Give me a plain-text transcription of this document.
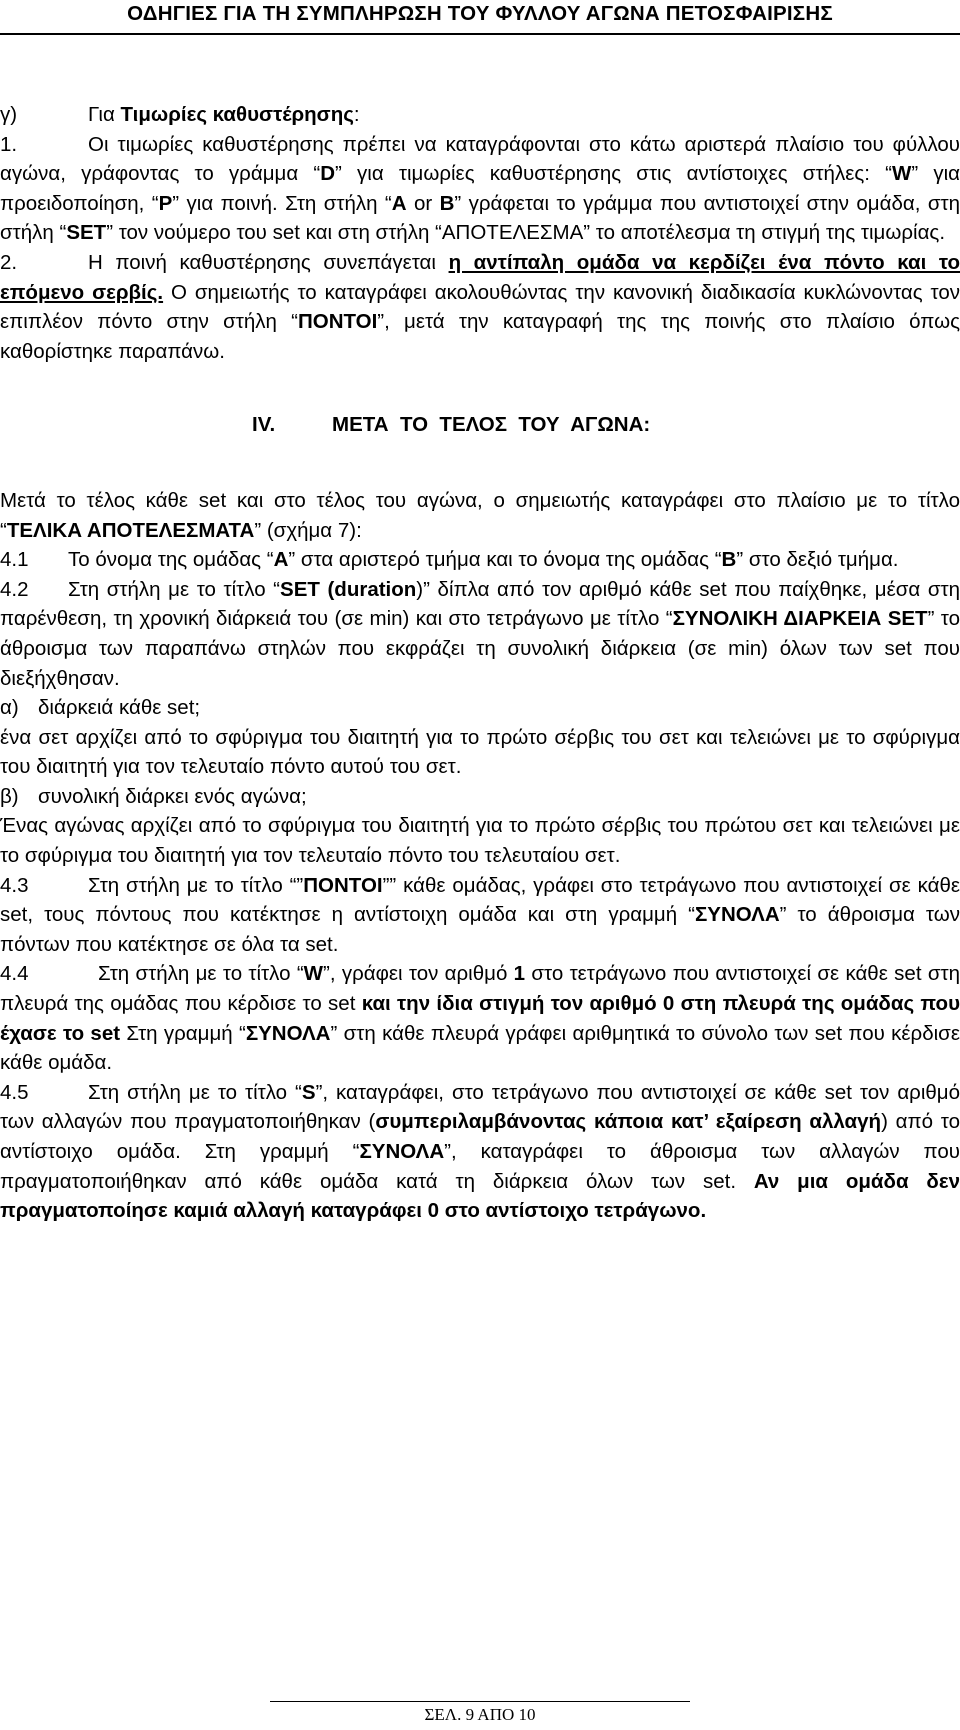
ΟΔΗΓΙΕΣ ΓΙΑ ΤΗ ΣΥΜΠΛΗΡΩΣΗ ΤΟΥ ΦΥΛΛΟΥ ΑΓΩΝΑ ΠΕΤΟΣΦΑΙΡΙΣΗΣ

γ)	Για Τιμωρίες καθυστέρησης:

1.	Οι τιμωρίες καθυστέρησης πρέπει να καταγράφονται στο κάτω αριστερά πλαίσιο του φύλλου αγώνα, γράφοντας το γράμμα “D” για τιμωρίες καθυστέρησης στις αντίστοιχες στήλες: “W” για προειδοποίηση, “P” για ποινή. Στη στήλη “A or B” γράφεται το γράμμα που αντιστοιχεί στην ομάδα, στη στήλη “SET” τον νούμερο του set και στη στήλη “ΑΠΟΤΕΛΕΣΜΑ” το αποτέλεσμα τη στιγμή της τιμωρίας.

2.	Η ποινή καθυστέρησης συνεπάγεται η αντίπαλη ομάδα να κερδίζει ένα πόντο και το επόμενο σερβίς. Ο σημειωτής το καταγράφει ακολουθώντας την κανονική διαδικασία κυκλώνοντας τον επιπλέον πόντο στην στήλη “ΠΟΝΤΟΙ”, μετά την καταγραφή της της ποινής στο πλαίσιο όπως καθορίστηκε παραπάνω.

IV.	ΜΕΤΑ  ΤΟ  ΤΕΛΟΣ  ΤΟΥ  ΑΓΩΝΑ:

Μετά το τέλος κάθε set και στο τέλος του αγώνα, ο σημειωτής καταγράφει στο πλαίσιο με το τίτλο “ΤΕΛΙΚΑ ΑΠΟΤΕΛΕΣΜΑΤΑ” (σχήμα 7):

4.1 Το όνομα της ομάδας “A” στα αριστερό τμήμα και το όνομα της ομάδας “B” στο δεξιό τμήμα.

4.2 Στη στήλη με το τίτλο “SET (duration)” δίπλα από τον αριθμό κάθε set που παίχθηκε, μέσα στη παρένθεση, τη χρονική διάρκειά του (σε min) και στο τετράγωνο με τίτλο “ΣΥΝΟΛΙΚΗ ΔΙΑΡΚΕΙΑ SET” το άθροισμα των παραπάνω στηλών που εκφράζει τη συνολική διάρκεια (σε min) όλων των set που διεξήχθησαν.

α) διάρκειά κάθε set;

ένα σετ αρχίζει από το σφύριγμα του διαιτητή για το πρώτο σέρβις του σετ και τελειώνει με το σφύριγμα του διαιτητή για τον τελευταίο πόντο αυτού του σετ.

β) συνολική διάρκει ενός αγώνα;

Ένας αγώνας αρχίζει από το σφύριγμα του διαιτητή για το πρώτο σέρβις του πρώτου σετ και τελειώνει με το σφύριγμα του διαιτητή για τον τελευταίο πόντο του τελευταίου σετ.

4.3	Στη στήλη με το τίτλο “”ΠΟΝΤΟΙ”” κάθε ομάδας, γράφει στο τετράγωνο που αντιστοιχεί σε κάθε set, τους πόντους που κατέκτησε η αντίστοιχη ομάδα και στη γραμμή “ΣΥΝΟΛΑ” το άθροισμα των πόντων που κατέκτησε σε όλα τα set.

4.4	Στη στήλη με το τίτλο “W”, γράφει τον αριθμό 1 στο τετράγωνο που αντιστοιχεί σε κάθε set στη πλευρά της ομάδας που κέρδισε το set και την ίδια στιγμή τον αριθμό 0 στη πλευρά της ομάδας που έχασε το set Στη γραμμή “ΣΥΝΟΛΑ” στη κάθε πλευρά γράφει αριθμητικά το σύνολο των set που κέρδισε κάθε ομάδα.

4.5	Στη στήλη με το τίτλο “S”, καταγράφει, στο τετράγωνο που αντιστοιχεί σε κάθε set τον αριθμό των αλλαγών που πραγματοποιήθηκαν (συμπεριλαμβάνοντας κάποια κατ’ εξαίρεση αλλαγή) από το αντίστοιχο ομάδα. Στη γραμμή “ΣΥΝΟΛΑ”, καταγράφει το άθροισμα των αλλαγών που πραγματοποιήθηκαν από κάθε ομάδα κατά τη διάρκεια όλων των set. Αν μια ομάδα δεν πραγματοποίησε καμιά αλλαγή καταγράφει 0 στο αντίστοιχο τετράγωνο.

ΣΕΛ. 9 ΑΠΟ 10
